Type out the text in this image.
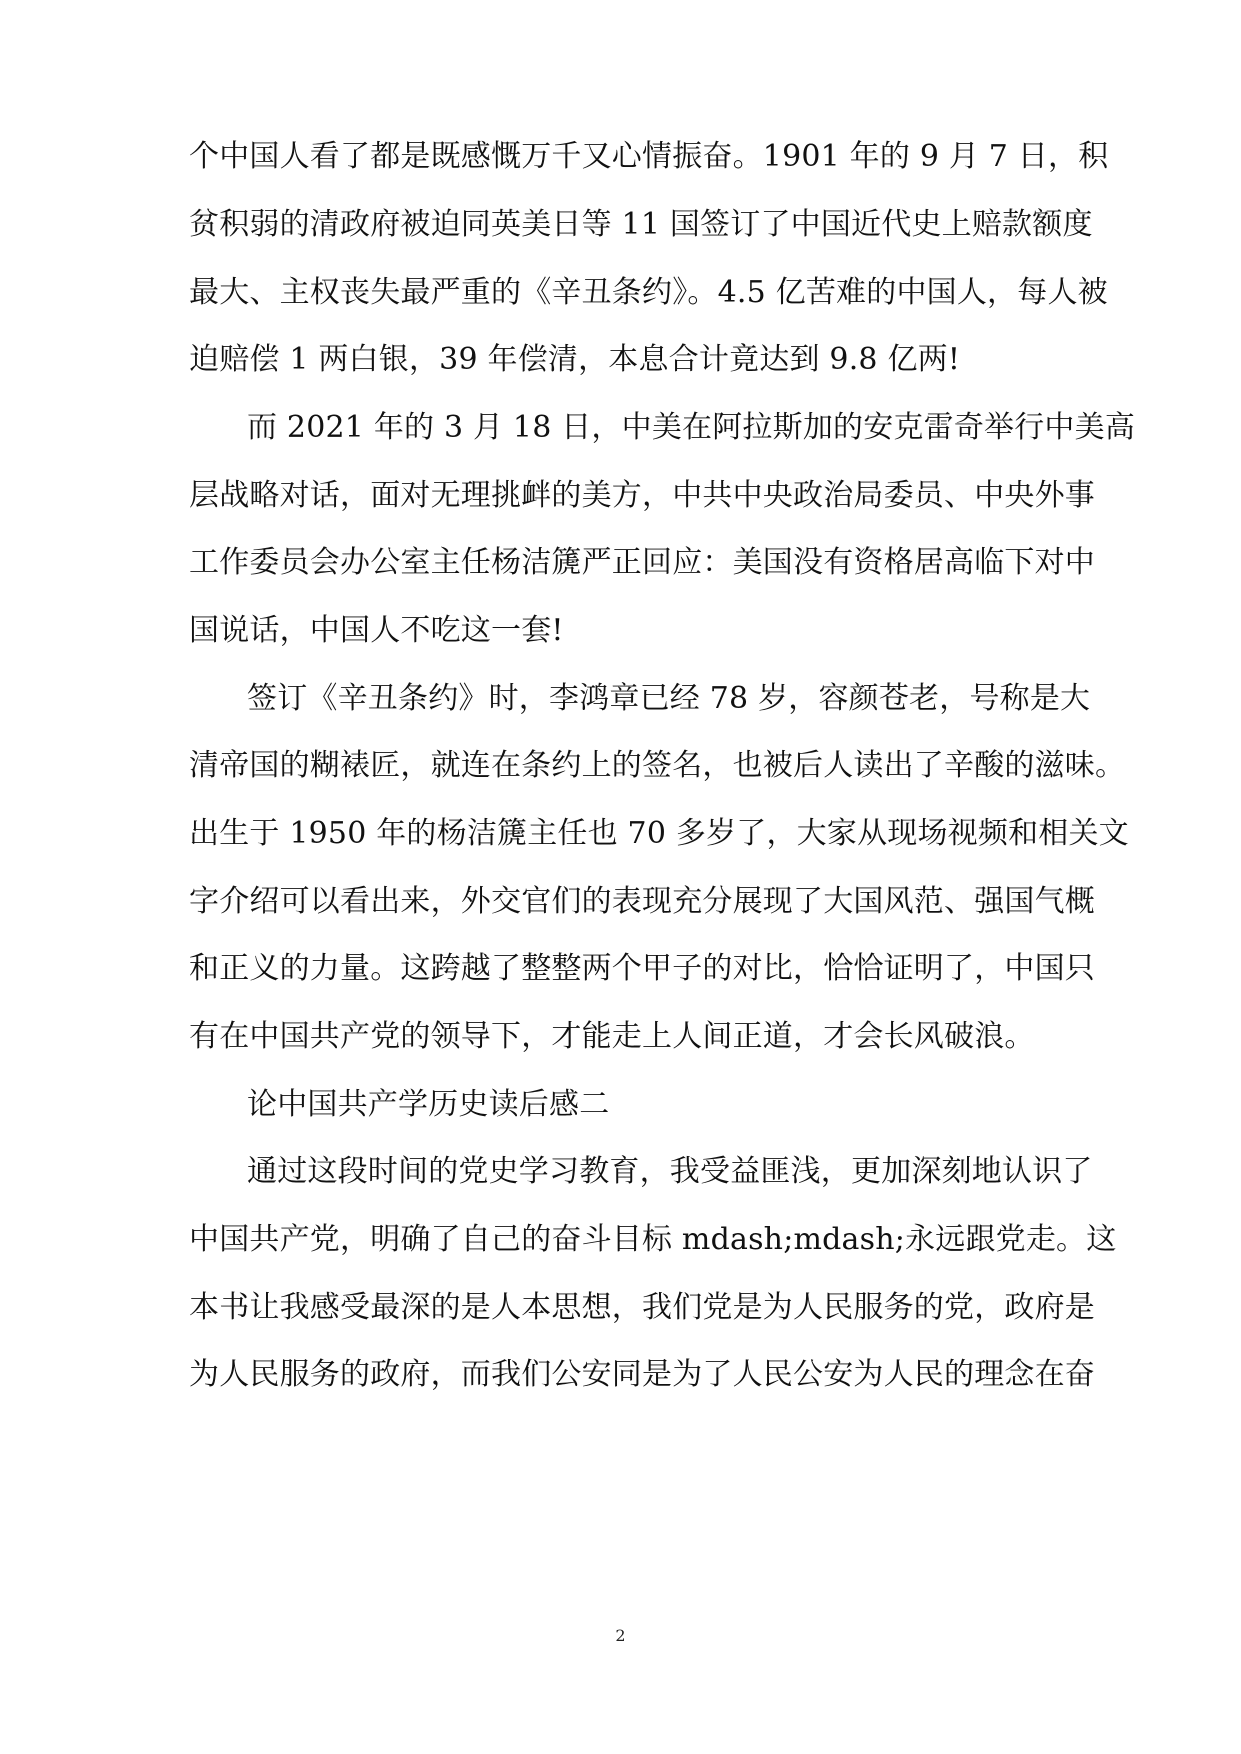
个中国人看了都是既感慨万千又心情振奋。1901 年的 9 月 7 日，积
贫积弱的清政府被迫同英美日等 11 国签订了中国近代史上赔款额度
最大、主权丧失最严重的《辛丑条约》。4.5 亿苦难的中国人，每人被
迫赔偿 1 两白银，39 年偿清，本息合计竟达到 9.8 亿两!
而 2021 年的 3 月 18 日，中美在阿拉斯加的安克雷奇举行中美高
层战略对话，面对无理挑衅的美方，中共中央政治局委员、中央外事
工作委员会办公室主任杨洁篪严正回应：美国没有资格居高临下对中
国说话，中国人不吃这一套!
签订《辛丑条约》时，李鸿章已经 78 岁，容颜苍老，号称是大
清帝国的糊裱匠，就连在条约上的签名，也被后人读出了辛酸的滋味。
出生于 1950 年的杨洁篪主任也 70 多岁了，大家从现场视频和相关文
字介绍可以看出来，外交官们的表现充分展现了大国风范、强国气概
和正义的力量。这跨越了整整两个甲子的对比，恰恰证明了，中国只
有在中国共产党的领导下，才能走上人间正道，才会长风破浪。
论中国共产学历史读后感二
通过这段时间的党史学习教育，我受益匪浅，更加深刻地认识了
中国共产党，明确了自己的奋斗目标 mdash;mdash;永远跟党走。这
本书让我感受最深的是人本思想，我们党是为人民服务的党，政府是
为人民服务的政府，而我们公安同是为了人民公安为人民的理念在奋
2
